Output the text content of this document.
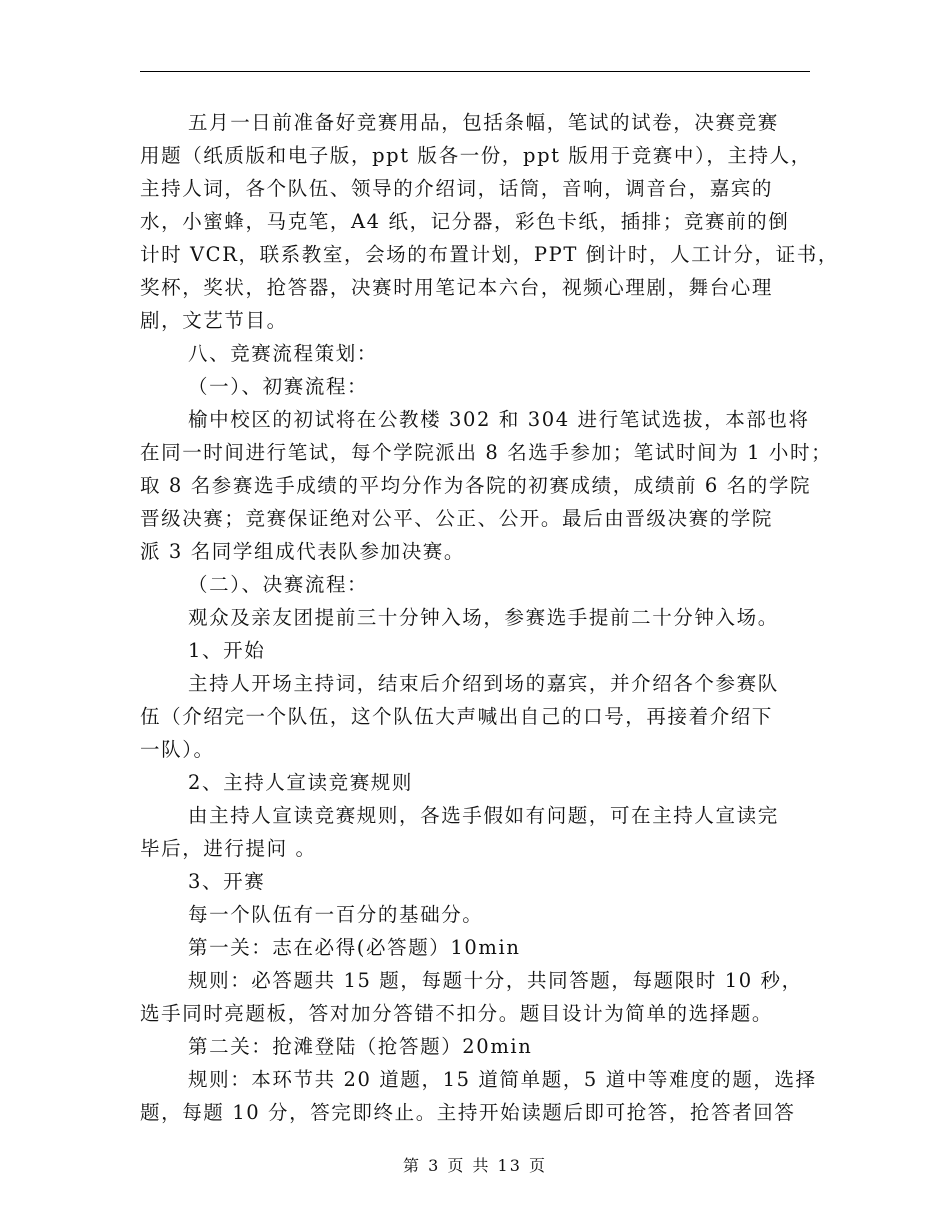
五月一日前准备好竞赛用品，包括条幅，笔试的试卷，决赛竞赛

用题（纸质版和电子版，ppt 版各一份，ppt 版用于竞赛中），主持人，

主持人词，各个队伍、领导的介绍词，话筒，音响，调音台，嘉宾的

水，小蜜蜂，马克笔，A4 纸，记分器，彩色卡纸，插排；竞赛前的倒

计时 VCR，联系教室，会场的布置计划，PPT 倒计时，人工计分，证书，

奖杯，奖状，抢答器，决赛时用笔记本六台，视频心理剧，舞台心理

剧，文艺节目。

八、竞赛流程策划：

（一）、初赛流程：

榆中校区的初试将在公教楼 302 和 304 进行笔试选拔，本部也将

在同一时间进行笔试，每个学院派出 8 名选手参加；笔试时间为 1 小时；

取 8 名参赛选手成绩的平均分作为各院的初赛成绩，成绩前 6 名的学院

晋级决赛；竞赛保证绝对公平、公正、公开。最后由晋级决赛的学院

派 3 名同学组成代表队参加决赛。

（二）、决赛流程：

观众及亲友团提前三十分钟入场，参赛选手提前二十分钟入场。

1、开始

主持人开场主持词，结束后介绍到场的嘉宾，并介绍各个参赛队

伍（介绍完一个队伍，这个队伍大声喊出自己的口号，再接着介绍下

一队）。

2、主持人宣读竞赛规则

由主持人宣读竞赛规则，各选手假如有问题，可在主持人宣读完

毕后，进行提问 。

3、开赛

每一个队伍有一百分的基础分。

第一关：志在必得(必答题）10min

规则：必答题共 15 题，每题十分，共同答题，每题限时 10 秒，

选手同时亮题板，答对加分答错不扣分。题目设计为简单的选择题。

第二关：抢滩登陆（抢答题）20min

规则：本环节共 20 道题，15 道简单题，5 道中等难度的题，选择

题，每题 10 分，答完即终止。主持开始读题后即可抢答，抢答者回答

第 3 页 共 13 页
